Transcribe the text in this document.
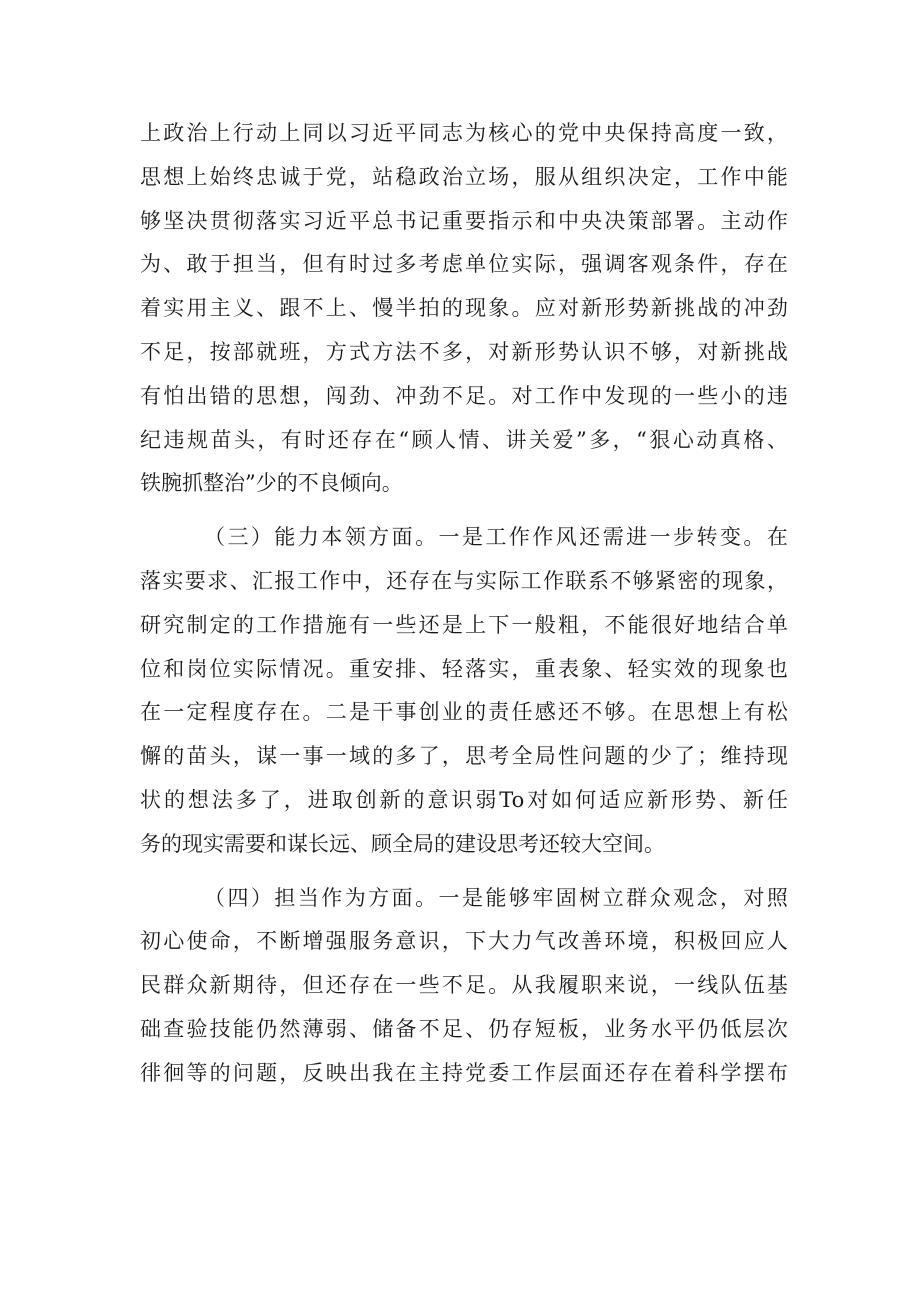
上 政 治 上 行 动 上 同 以 习 近 平 同 志 为 核 心 的 党 中 央 保 持 高 度 一 致 ，
思 想 上 始 终 忠 诚 于 党 ， 站 稳 政 治 立 场 ， 服 从 组 织 决 定 ， 工 作 中 能
够 坚 决 贯 彻 落 实 习 近 平 总 书 记 重 要 指 示 和 中 央 决 策 部 署 。 主 动 作
为 、 敢 于 担 当 ， 但 有 时 过 多 考 虑 单 位 实 际 ， 强 调 客 观 条 件 ， 存 在
着 实 用 主 义 、 跟 不 上 、 慢 半 拍 的 现 象 。 应 对 新 形 势 新 挑 战 的 冲 劲
不 足 ， 按 部 就 班 ， 方 式 方 法 不 多 ， 对 新 形 势 认 识 不 够 ， 对 新 挑 战
有 怕 出 错 的 思 想 ， 闯 劲 、 冲 劲 不 足 。 对 工 作 中 发 现 的 一 些 小 的 违
纪 违 规 苗 头 ， 有 时 还 存 在 “ 顾 人 情 、 讲 关 爱 ” 多 ， “ 狠 心 动 真 格 、
铁腕抓整治”少的不良倾向。
（ 三 ） 能 力 本 领 方 面 。 一 是 工 作 作 风 还 需 进 一 步 转 变 。 在
落 实 要 求 、 汇 报 工 作 中 ， 还 存 在 与 实 际 工 作 联 系 不 够 紧 密 的 现 象 ，
研 究 制 定 的 工 作 措 施 有 一 些 还 是 上 下 一 般 粗 ， 不 能 很 好 地 结 合 单
位 和 岗 位 实 际 情 况 。 重 安 排 、 轻 落 实 ， 重 表 象 、 轻 实 效 的 现 象 也
在 一 定 程 度 存 在 。 二 是 干 事 创 业 的 责 任 感 还 不 够 。 在 思 想 上 有 松
懈 的 苗 头 ， 谋 一 事 一 域 的 多 了 ， 思 考 全 局 性 问 题 的 少 了 ； 维 持 现
状 的 想 法 多 了 ， 进 取 创 新 的 意 识 弱 To 对 如 何 适 应 新 形 势 、 新 任
务的现实需要和谋长远、顾全局的建设思考还较大空间。
（ 四 ） 担 当 作 为 方 面 。 一 是 能 够 牢 固 树 立 群 众 观 念 ， 对 照
初 心 使 命 ， 不 断 增 强 服 务 意 识 ， 下 大 力 气 改 善 环 境 ， 积 极 回 应 人
民 群 众 新 期 待 ， 但 还 存 在 一 些 不 足 。 从 我 履 职 来 说 ， 一 线 队 伍 基
础 查 验 技 能 仍 然 薄 弱 、 储 备 不 足 、 仍 存 短 板 ， 业 务 水 平 仍 低 层 次
徘 徊 等 的 问 题 ， 反 映 出 我 在 主 持 党 委 工 作 层 面 还 存 在 着 科 学 摆 布
